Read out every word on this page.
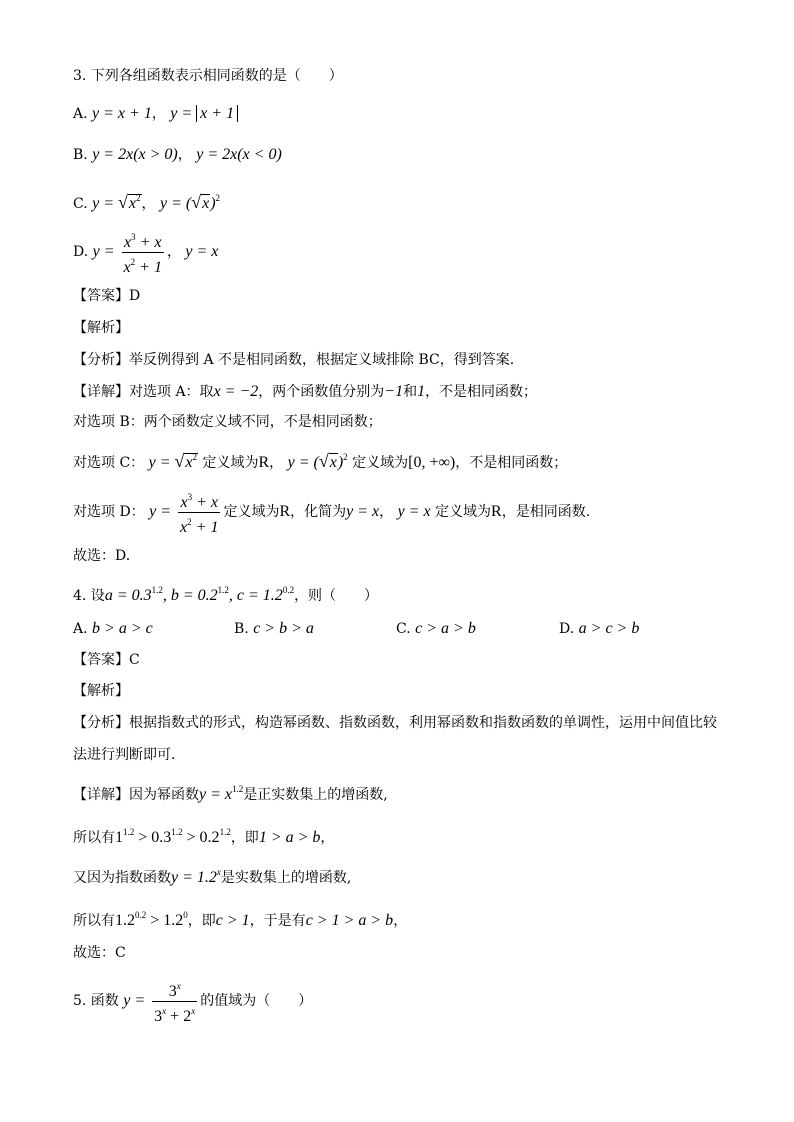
3. 下列各组函数表示相同函数的是（　　）
A. y = x + 1， y = x + 1
B. y = 2x(x > 0)， y = 2x(x < 0)
C. $y = √x^2$， $y = (√x)^2$
D. $y = \frac{x^3 + x}{x^2 + 1}$ ， y = x
【答案】D
【解析】
【分析】举反例得到 A 不是相同函数，根据定义域排除 BC，得到答案.
【详解】对选项 A：取x = −2，两个函数值分别为−1和1，不是相同函数；
对选项 B：两个函数定义域不同，不是相同函数；
对选项 C： $y = √x^2$ 定义域为R， $y = (√x)^2$ 定义域为[0, +∞)，不是相同函数；
对选项 D： $y = \frac{x^3 + x}{x^2 + 1}$ 定义域为R，化简为y = x， y = x 定义域为R，是相同函数.
故选：D.
4. 设$a = 0.3^{1.2}$, $b = 0.2^{1.2}$, $c = 1.2^{0.2}$，则（　　）
A. b > a > c	B. c > b > a	C. c > a > b	D. a > c > b
【答案】C
【解析】
【分析】根据指数式的形式，构造幂函数、指数函数，利用幂函数和指数函数的单调性，运用中间值比较
法进行判断即可.
【详解】因为幂函数$y = x^{1.2}$是正实数集上的增函数,
所以有$1^{1.2} > 0.3^{1.2} > 0.2^{1.2}$，即1 > a > b，
又因为指数函数$y = 1.2^x$是实数集上的增函数,
所以有$1.2^{0.2} > 1.2^0$，即c > 1，于是有c > 1 > a > b，
故选：C
5. 函数 $y = \frac{3^x}{3^x + 2^x}$ 的值域为（　　）
